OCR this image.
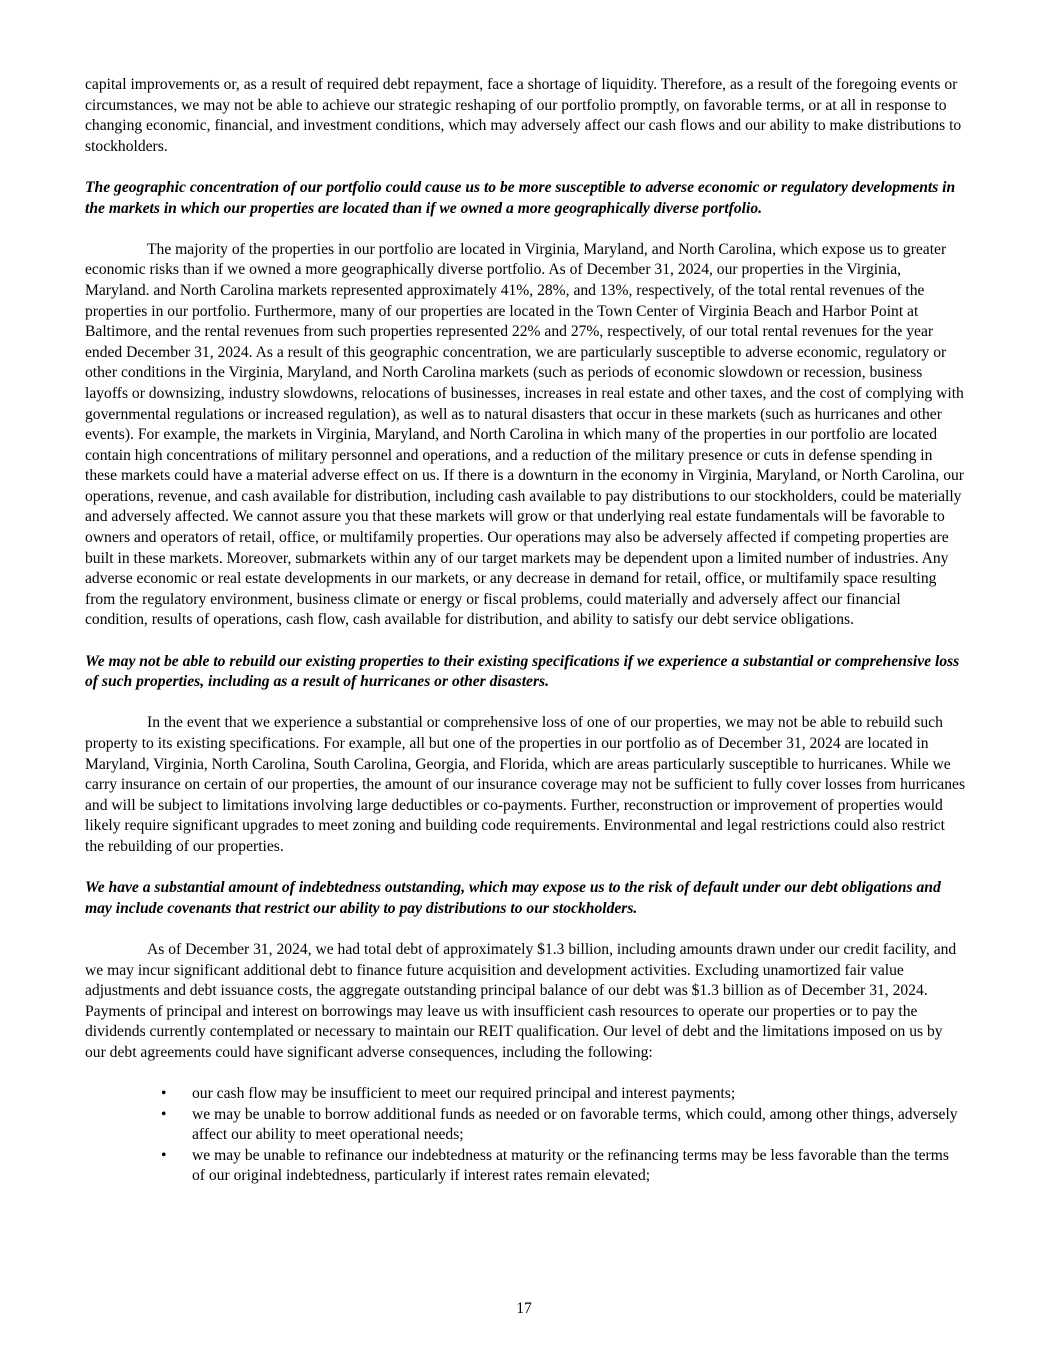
capital improvements or, as a result of required debt repayment, face a shortage of liquidity. Therefore, as a result of the foregoing events or circumstances, we may not be able to achieve our strategic reshaping of our portfolio promptly, on favorable terms, or at all in response to changing economic, financial, and investment conditions, which may adversely affect our cash flows and our ability to make distributions to stockholders.

The geographic concentration of our portfolio could cause us to be more susceptible to adverse economic or regulatory developments in the markets in which our properties are located than if we owned a more geographically diverse portfolio.

The majority of the properties in our portfolio are located in Virginia, Maryland, and North Carolina, which expose us to greater economic risks than if we owned a more geographically diverse portfolio. As of December 31, 2024, our properties in the Virginia, Maryland. and North Carolina markets represented approximately 41%, 28%, and 13%, respectively, of the total rental revenues of the properties in our portfolio. Furthermore, many of our properties are located in the Town Center of Virginia Beach and Harbor Point at Baltimore, and the rental revenues from such properties represented 22% and 27%, respectively, of our total rental revenues for the year ended December 31, 2024. As a result of this geographic concentration, we are particularly susceptible to adverse economic, regulatory or other conditions in the Virginia, Maryland, and North Carolina markets (such as periods of economic slowdown or recession, business layoffs or downsizing, industry slowdowns, relocations of businesses, increases in real estate and other taxes, and the cost of complying with governmental regulations or increased regulation), as well as to natural disasters that occur in these markets (such as hurricanes and other events). For example, the markets in Virginia, Maryland, and North Carolina in which many of the properties in our portfolio are located contain high concentrations of military personnel and operations, and a reduction of the military presence or cuts in defense spending in these markets could have a material adverse effect on us. If there is a downturn in the economy in Virginia, Maryland, or North Carolina, our operations, revenue, and cash available for distribution, including cash available to pay distributions to our stockholders, could be materially and adversely affected. We cannot assure you that these markets will grow or that underlying real estate fundamentals will be favorable to owners and operators of retail, office, or multifamily properties. Our operations may also be adversely affected if competing properties are built in these markets. Moreover, submarkets within any of our target markets may be dependent upon a limited number of industries. Any adverse economic or real estate developments in our markets, or any decrease in demand for retail, office, or multifamily space resulting from the regulatory environment, business climate or energy or fiscal problems, could materially and adversely affect our financial condition, results of operations, cash flow, cash available for distribution, and ability to satisfy our debt service obligations.

We may not be able to rebuild our existing properties to their existing specifications if we experience a substantial or comprehensive loss of such properties, including as a result of hurricanes or other disasters.

In the event that we experience a substantial or comprehensive loss of one of our properties, we may not be able to rebuild such property to its existing specifications. For example, all but one of the properties in our portfolio as of December 31, 2024 are located in Maryland, Virginia, North Carolina, South Carolina, Georgia, and Florida, which are areas particularly susceptible to hurricanes. While we carry insurance on certain of our properties, the amount of our insurance coverage may not be sufficient to fully cover losses from hurricanes and will be subject to limitations involving large deductibles or co-payments. Further, reconstruction or improvement of properties would likely require significant upgrades to meet zoning and building code requirements. Environmental and legal restrictions could also restrict the rebuilding of our properties.

We have a substantial amount of indebtedness outstanding, which may expose us to the risk of default under our debt obligations and may include covenants that restrict our ability to pay distributions to our stockholders.

As of December 31, 2024, we had total debt of approximately $1.3 billion, including amounts drawn under our credit facility, and we may incur significant additional debt to finance future acquisition and development activities. Excluding unamortized fair value adjustments and debt issuance costs, the aggregate outstanding principal balance of our debt was $1.3 billion as of December 31, 2024. Payments of principal and interest on borrowings may leave us with insufficient cash resources to operate our properties or to pay the dividends currently contemplated or necessary to maintain our REIT qualification. Our level of debt and the limitations imposed on us by our debt agreements could have significant adverse consequences, including the following:

• our cash flow may be insufficient to meet our required principal and interest payments;
• we may be unable to borrow additional funds as needed or on favorable terms, which could, among other things, adversely affect our ability to meet operational needs;
• we may be unable to refinance our indebtedness at maturity or the refinancing terms may be less favorable than the terms of our original indebtedness, particularly if interest rates remain elevated;
17
